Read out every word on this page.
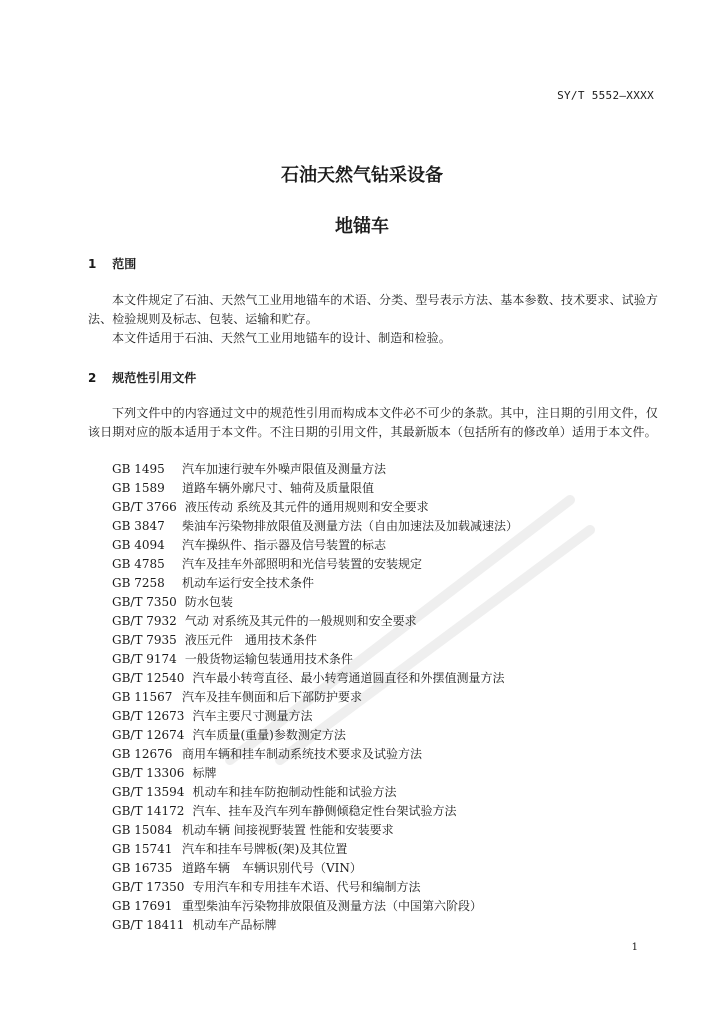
SY/T 5552—XXXX
石油天然气钻采设备
地锚车
1 范围
本文件规定了石油、天然气工业用地锚车的术语、分类、型号表示方法、基本参数、技术要求、试验方法、检验规则及标志、包装、运输和贮存。
本文件适用于石油、天然气工业用地锚车的设计、制造和检验。
2 规范性引用文件
下列文件中的内容通过文中的规范性引用而构成本文件必不可少的条款。其中，注日期的引用文件，仅该日期对应的版本适用于本文件。不注日期的引用文件，其最新版本（包括所有的修改单）适用于本文件。
GB 1495 汽车加速行驶车外噪声限值及测量方法
GB 1589 道路车辆外廓尺寸、轴荷及质量限值
GB/T 3766 液压传动 系统及其元件的通用规则和安全要求
GB 3847 柴油车污染物排放限值及测量方法（自由加速法及加载减速法）
GB 4094 汽车操纵件、指示器及信号装置的标志
GB 4785 汽车及挂车外部照明和光信号装置的安装规定
GB 7258 机动车运行安全技术条件
GB/T 7350 防水包装
GB/T 7932 气动 对系统及其元件的一般规则和安全要求
GB/T 7935 液压元件　通用技术条件
GB/T 9174 一般货物运输包装通用技术条件
GB/T 12540 汽车最小转弯直径、最小转弯通道圆直径和外摆值测量方法
GB 11567 汽车及挂车侧面和后下部防护要求
GB/T 12673 汽车主要尺寸测量方法
GB/T 12674 汽车质量(重量)参数测定方法
GB 12676 商用车辆和挂车制动系统技术要求及试验方法
GB/T 13306 标牌
GB/T 13594 机动车和挂车防抱制动性能和试验方法
GB/T 14172 汽车、挂车及汽车列车静侧倾稳定性台架试验方法
GB 15084 机动车辆 间接视野装置 性能和安装要求
GB 15741 汽车和挂车号牌板(架)及其位置
GB 16735 道路车辆　车辆识别代号（VIN）
GB/T 17350 专用汽车和专用挂车术语、代号和编制方法
GB 17691 重型柴油车污染物排放限值及测量方法（中国第六阶段）
GB/T 18411 机动车产品标牌
1
